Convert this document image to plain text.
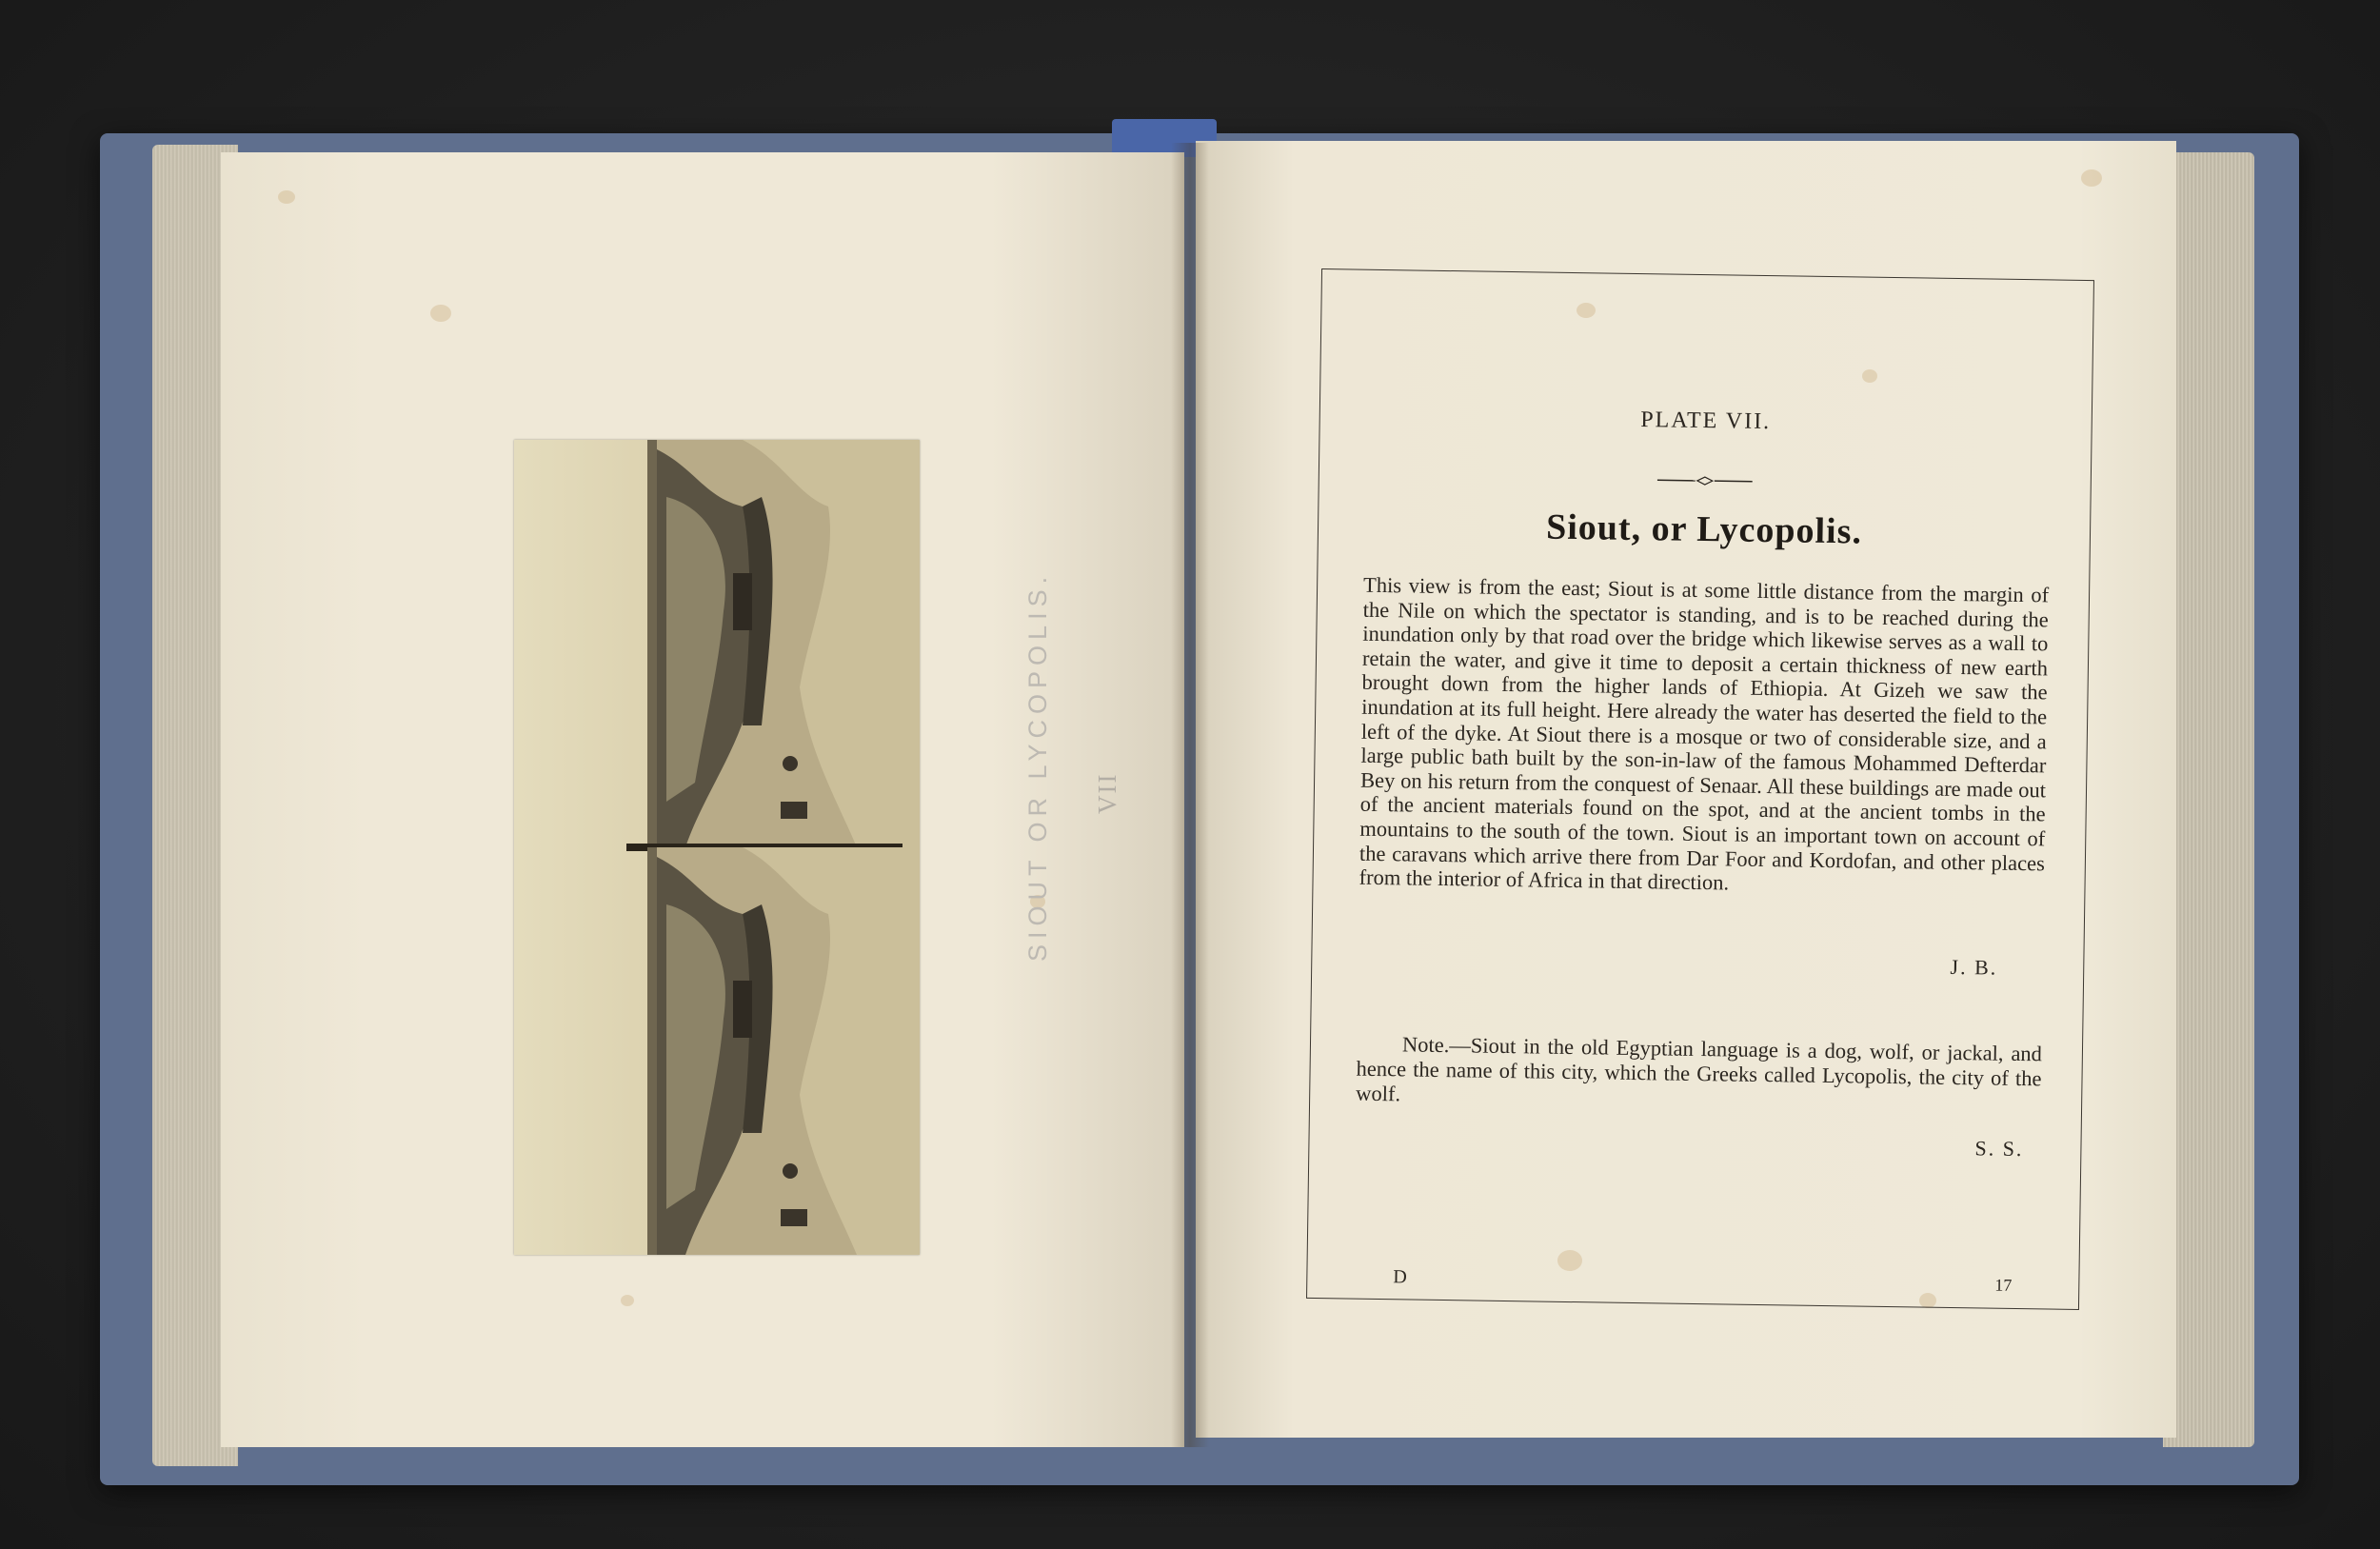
SIOUT OR LYCOPOLIS.	VII
PLATE VII.
Siout, or Lycopolis.
This view is from the east; Siout is at some little distance from the margin of the Nile on which the spectator is standing, and is to be reached during the inundation only by that road over the bridge which likewise serves as a wall to retain the water, and give it time to deposit a certain thickness of new earth brought down from the higher lands of Ethiopia. At Gizeh we saw the inundation at its full height. Here already the water has deserted the field to the left of the dyke. At Siout there is a mosque or two of considerable size, and a large public bath built by the son-in-law of the famous Mohammed Defterdar Bey on his return from the conquest of Senaar. All these buildings are made out of the ancient materials found on the spot, and at the ancient tombs in the mountains to the south of the town. Siout is an important town on account of the caravans which arrive there from Dar Foor and Kordofan, and other places from the interior of Africa in that direction.
J. B.
Note.—Siout in the old Egyptian language is a dog, wolf, or jackal, and hence the name of this city, which the Greeks called Lycopolis, the city of the wolf.
S. S.
D	17
